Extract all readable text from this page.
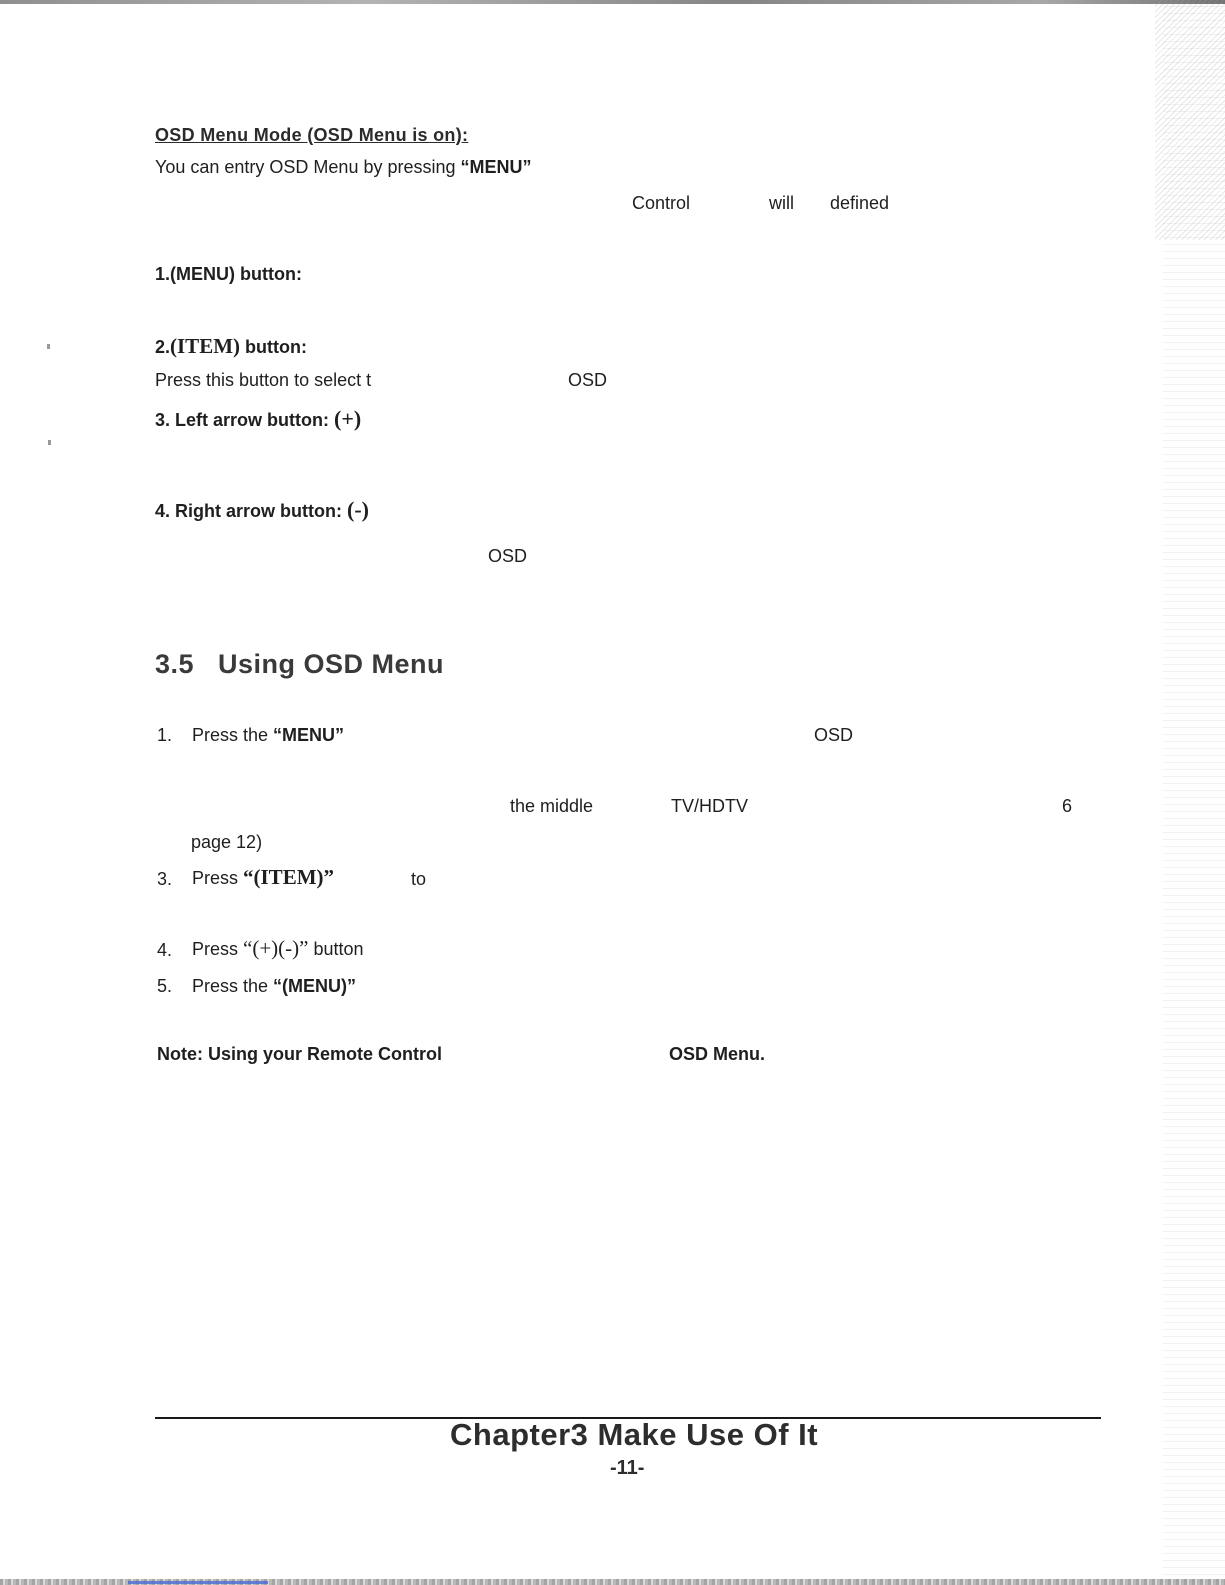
OSD Menu Mode (OSD Menu is on):
You can entry OSD Menu by pressing “MENU”
Control	will defined
1.(MENU) button:
2.(ITEM) button:
Press this button to select t	OSD
3. Left arrow button: (+)
4. Right arrow button: (-)
OSD
3.5 Using OSD Menu
1. Press the “MENU”	OSD
the middle	TV/HDTV	6
page 12)
3. Press “(ITEM)”	to
4. Press “(+)(-)” button
5. Press the “(MENU)”
Note: Using your Remote Control	OSD Menu.
Chapter3 Make Use Of It
-11-
